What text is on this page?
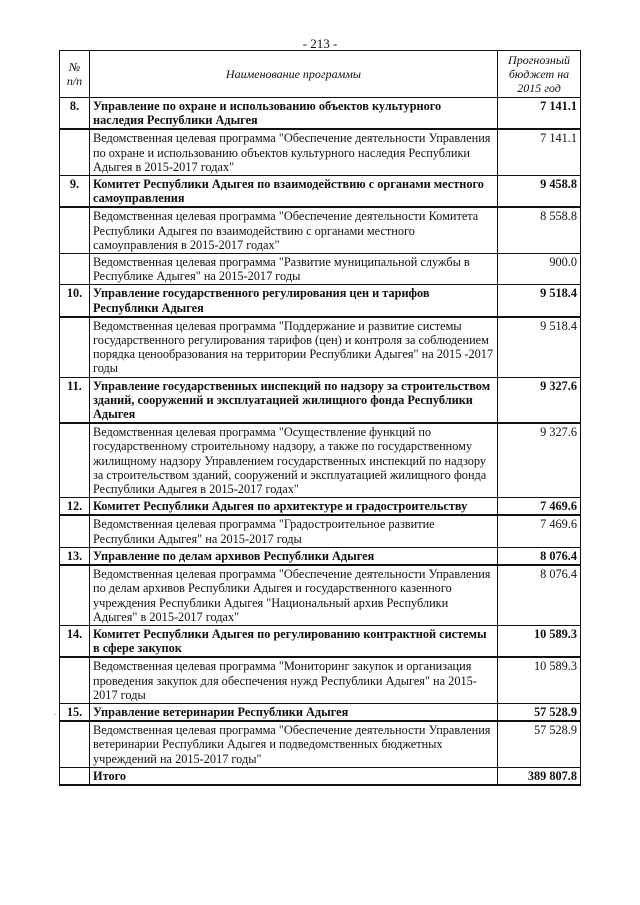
- 213 -
№ п/п	Наименование программы	Прогнозный бюджет на 2015 год
8.	Управление по охране и использованию объектов культурного наследия Республики Адыгея	7 141.1
	Ведомственная целевая программа "Обеспечение деятельности Управления по охране и использованию объектов культурного наследия Республики Адыгея в 2015-2017 годах"	7 141.1
9.	Комитет Республики Адыгея по взаимодействию с органами местного самоуправления	9 458.8
	Ведомственная целевая программа "Обеспечение деятельности Комитета Республики Адыгея по взаимодействию с органами местного самоуправления в 2015-2017 годах"	8 558.8
	Ведомственная целевая программа "Развитие муниципальной службы в Республике Адыгея" на 2015-2017 годы	900.0
10.	Управление государственного регулирования цен и тарифов Республики Адыгея	9 518.4
	Ведомственная целевая программа "Поддержание и развитие системы государственного регулирования тарифов (цен) и контроля за соблюдением порядка ценообразования на территории Республики Адыгея" на 2015 -2017 годы	9 518.4
11.	Управление государственных инспекций по надзору за строительством зданий, сооружений и эксплуатацией жилищного фонда Республики Адыгея	9 327.6
	Ведомственная целевая программа "Осуществление функций по государственному строительному надзору, а также по государственному жилищному надзору Управлением государственных инспекций по надзору за строительством зданий, сооружений и эксплуатацией жилищного фонда Республики Адыгея в 2015-2017 годах"	9 327.6
12.	Комитет Республики Адыгея по архитектуре и градостроительству	7 469.6
	Ведомственная целевая программа "Градостроительное развитие Республики Адыгея" на 2015-2017 годы	7 469.6
13.	Управление по делам архивов Республики Адыгея	8 076.4
	Ведомственная целевая программа "Обеспечение деятельности Управления по делам архивов Республики Адыгея и государственного казенного учреждения Республики Адыгея "Национальный архив Республики Адыгея" в 2015-2017 годах"	8 076.4
14.	Комитет Республики Адыгея по регулированию контрактной системы в сфере закупок	10 589.3
	Ведомственная целевая программа "Мониторинг закупок и организация проведения закупок для обеспечения нужд Республики Адыгея" на 2015-2017 годы	10 589.3
15.	Управление ветеринарии Республики Адыгея	57 528.9
	Ведомственная целевая программа "Обеспечение деятельности Управления ветеринарии Республики Адыгея и подведомственных бюджетных учреждений на 2015-2017 годы"	57 528.9
	Итого	389 807.8
·
